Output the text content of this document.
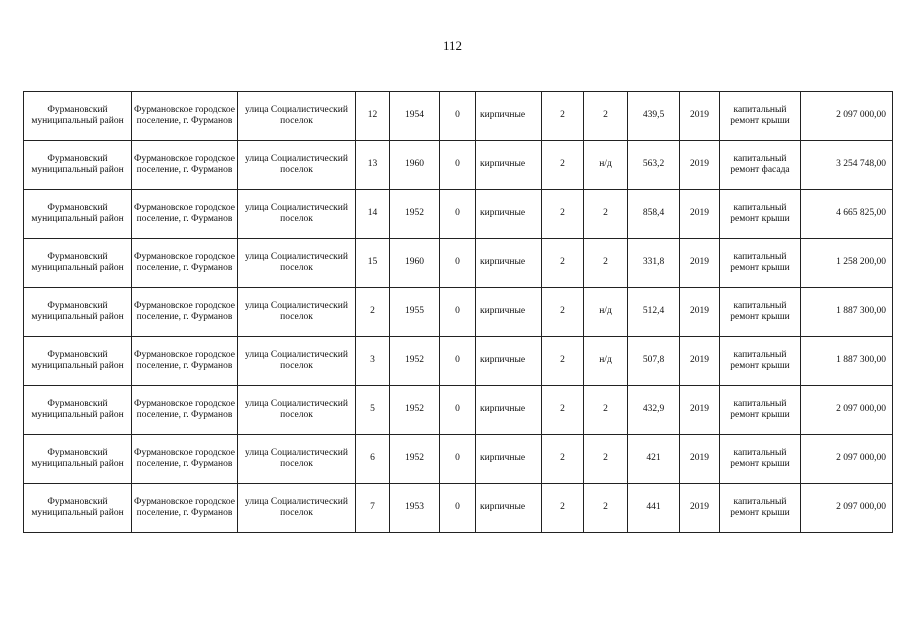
112
Фурмановский муниципальный район	Фурмановское городское поселение, г. Фурманов	улица Социалистический поселок	12	1954	0	кирпичные	2	2	439,5	2019	капитальный ремонт крыши	2 097 000,00
Фурмановский муниципальный район	Фурмановское городское поселение, г. Фурманов	улица Социалистический поселок	13	1960	0	кирпичные	2	н/д	563,2	2019	капитальный ремонт фасада	3 254 748,00
Фурмановский муниципальный район	Фурмановское городское поселение, г. Фурманов	улица Социалистический поселок	14	1952	0	кирпичные	2	2	858,4	2019	капитальный ремонт крыши	4 665 825,00
Фурмановский муниципальный район	Фурмановское городское поселение, г. Фурманов	улица Социалистический поселок	15	1960	0	кирпичные	2	2	331,8	2019	капитальный ремонт крыши	1 258 200,00
Фурмановский муниципальный район	Фурмановское городское поселение, г. Фурманов	улица Социалистический поселок	2	1955	0	кирпичные	2	н/д	512,4	2019	капитальный ремонт крыши	1 887 300,00
Фурмановский муниципальный район	Фурмановское городское поселение, г. Фурманов	улица Социалистический поселок	3	1952	0	кирпичные	2	н/д	507,8	2019	капитальный ремонт крыши	1 887 300,00
Фурмановский муниципальный район	Фурмановское городское поселение, г. Фурманов	улица Социалистический поселок	5	1952	0	кирпичные	2	2	432,9	2019	капитальный ремонт крыши	2 097 000,00
Фурмановский муниципальный район	Фурмановское городское поселение, г. Фурманов	улица Социалистический поселок	6	1952	0	кирпичные	2	2	421	2019	капитальный ремонт крыши	2 097 000,00
Фурмановский муниципальный район	Фурмановское городское поселение, г. Фурманов	улица Социалистический поселок	7	1953	0	кирпичные	2	2	441	2019	капитальный ремонт крыши	2 097 000,00
